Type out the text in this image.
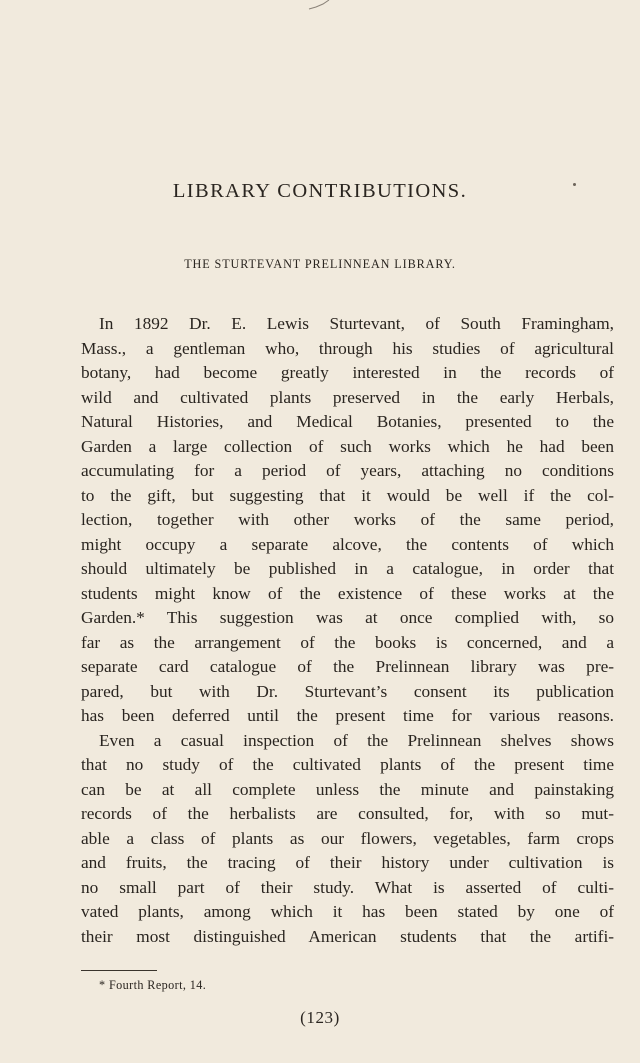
LIBRARY CONTRIBUTIONS.
THE STURTEVANT PRELINNEAN LIBRARY.
In 1892 Dr. E. Lewis Sturtevant, of South Framingham,
Mass., a gentleman who, through his studies of agricultural
botany, had become greatly interested in the records of
wild and cultivated plants preserved in the early Herbals,
Natural Histories, and Medical Botanies, presented to the
Garden a large collection of such works which he had been
accumulating for a period of years, attaching no conditions
to the gift, but suggesting that it would be well if the col-
lection, together with other works of the same period,
might occupy a separate alcove, the contents of which
should ultimately be published in a catalogue, in order that
students might know of the existence of these works at the
Garden.* This suggestion was at once complied with, so
far as the arrangement of the books is concerned, and a
separate card catalogue of the Prelinnean library was pre-
pared, but with Dr. Sturtevant’s consent its publication
has been deferred until the present time for various reasons.
Even a casual inspection of the Prelinnean shelves shows
that no study of the cultivated plants of the present time
can be at all complete unless the minute and painstaking
records of the herbalists are consulted, for, with so mut-
able a class of plants as our flowers, vegetables, farm crops
and fruits, the tracing of their history under cultivation is
no small part of their study. What is asserted of culti-
vated plants, among which it has been stated by one of
their most distinguished American students that the artifi-
* Fourth Report, 14.
(123)
